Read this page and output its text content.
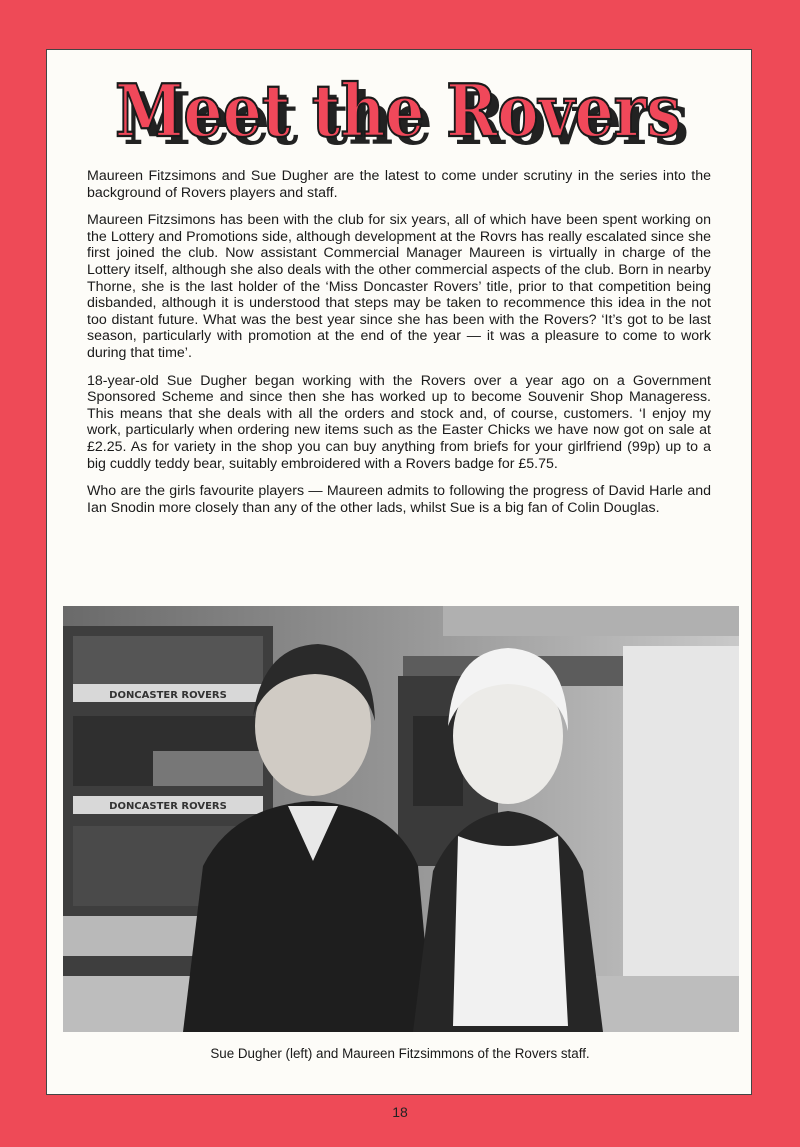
Meet the Rovers
Meet the Rovers

Maureen Fitzsimons and Sue Dugher are the latest to come under scrutiny in the series into the background of Rovers players and staff.

Maureen Fitzsimons has been with the club for six years, all of which have been spent working on the Lottery and Promotions side, although development at the Rovrs has really escalated since she first joined the club. Now assistant Commercial Manager Maureen is virtually in charge of the Lottery itself, although she also deals with the other commercial aspects of the club. Born in nearby Thorne, she is the last holder of the ‘Miss Doncaster Rovers’ title, prior to that competition being disbanded, although it is understood that steps may be taken to recommence this idea in the not too distant future. What was the best year since she has been with the Rovers? ‘It’s got to be last season, particularly with promotion at the end of the year — it was a pleasure to come to work during that time’.

18-year-old Sue Dugher began working with the Rovers over a year ago on a Government Sponsored Scheme and since then she has worked up to become Souvenir Shop Manageress. This means that she deals with all the orders and stock and, of course, customers. ‘I enjoy my work, particularly when ordering new items such as the Easter Chicks we have now got on sale at £2.25. As for variety in the shop you can buy anything from briefs for your girlfriend (99p) up to a big cuddly teddy bear, suitably embroidered with a Rovers badge for £5.75.

Who are the girls favourite players — Maureen admits to following the progress of David Harle and Ian Snodin more closely than any of the other lads, whilst Sue is a big fan of Colin Douglas.

DONCASTER ROVERS
DONCASTER ROVERS
Sue Dugher (left) and Maureen Fitzsimmons of the Rovers staff.
18
